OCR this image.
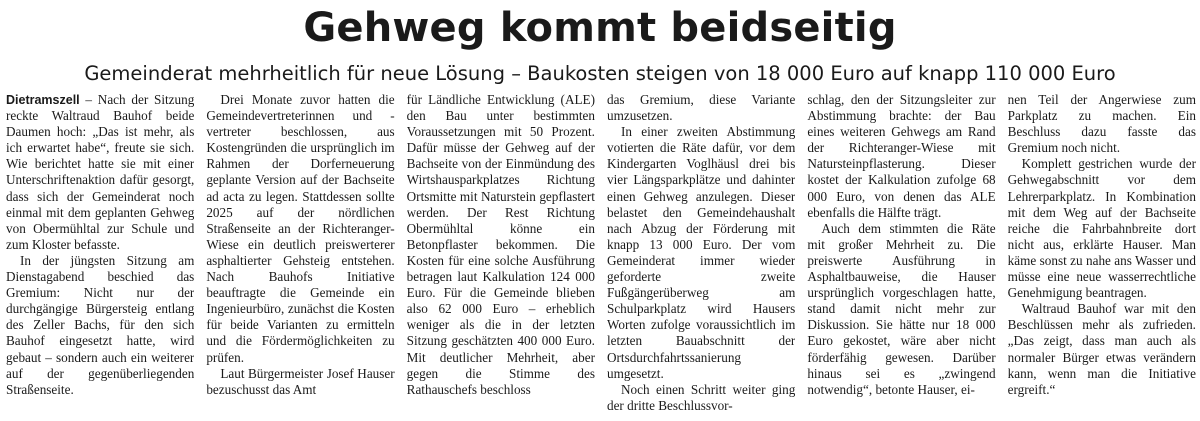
Gehweg kommt beidseitig
Gemeinderat mehrheitlich für neue Lösung – Baukosten steigen von 18 000 Euro auf knapp 110 000 Euro

Dietramszell – Nach der Sitzung reckte Waltraud Bauhof beide Daumen hoch: „Das ist mehr, als ich erwartet habe“, freute sie sich. Wie berichtet hatte sie mit einer Unterschriftenaktion dafür gesorgt, dass sich der Gemeinderat noch einmal mit dem geplanten Gehweg von Obermühltal zur Schule und zum Kloster befasste.

In der jüngsten Sitzung am Dienstagabend beschied das Gremium: Nicht nur der durchgängige Bürgersteig entlang des Zeller Bachs, für den sich Bauhof eingesetzt hatte, wird gebaut – sondern auch ein weiterer auf der gegenüberliegenden Straßenseite.

Drei Monate zuvor hatten die Gemeindevertreterinnen und -vertreter beschlossen, aus Kostengründen die ursprünglich im Rahmen der Dorferneuerung geplante Version auf der Bachseite ad acta zu legen. Stattdessen sollte 2025 auf der nördlichen Straßenseite an der Richteranger-Wiese ein deutlich preiswerterer asphaltierter Gehsteig entstehen. Nach Bauhofs Initiative beauftragte die Gemeinde ein Ingenieurbüro, zunächst die Kosten für beide Varianten zu ermitteln und die Fördermöglichkeiten zu prüfen.

Laut Bürgermeister Josef Hauser bezuschusst das Amt

für Ländliche Entwicklung (ALE) den Bau unter bestimmten Voraussetzungen mit 50 Prozent. Dafür müsse der Gehweg auf der Bachseite von der Einmündung des Wirtshausparkplatzes Richtung Ortsmitte mit Naturstein gepflastert werden. Der Rest Richtung Obermühltal könne ein Betonpflaster bekommen. Die Kosten für eine solche Ausführung betragen laut Kalkulation 124 000 Euro. Für die Gemeinde blieben also 62 000 Euro – erheblich weniger als die in der letzten Sitzung geschätzten 400 000 Euro. Mit deutlicher Mehrheit, aber gegen die Stimme des Rathauschefs beschloss

das Gremium, diese Variante umzusetzen.

In einer zweiten Abstimmung votierten die Räte dafür, vor dem Kindergarten Voglhäusl drei bis vier Längsparkplätze und dahinter einen Gehweg anzulegen. Dieser belastet den Gemeindehaushalt nach Abzug der Förderung mit knapp 13 000 Euro. Der vom Gemeinderat immer wieder geforderte zweite Fußgängerüberweg am Schulparkplatz wird Hausers Worten zufolge voraussichtlich im letzten Bauabschnitt der Ortsdurchfahrtssanierung umgesetzt.

Noch einen Schritt weiter ging der dritte Beschlussvor-

schlag, den der Sitzungsleiter zur Abstimmung brachte: der Bau eines weiteren Gehwegs am Rand der Richteranger-Wiese mit Natursteinpflasterung. Dieser kostet der Kalkulation zufolge 68 000 Euro, von denen das ALE ebenfalls die Hälfte trägt.

Auch dem stimmten die Räte mit großer Mehrheit zu. Die preiswerte Ausführung in Asphaltbauweise, die Hauser ursprünglich vorgeschlagen hatte, stand damit nicht mehr zur Diskussion. Sie hätte nur 18 000 Euro gekostet, wäre aber nicht förderfähig gewesen. Darüber hinaus sei es „zwingend notwendig“, betonte Hauser, ei-

nen Teil der Angerwiese zum Parkplatz zu machen. Ein Beschluss dazu fasste das Gremium noch nicht.

Komplett gestrichen wurde der Gehwegabschnitt vor dem Lehrerparkplatz. In Kombination mit dem Weg auf der Bachseite reiche die Fahrbahnbreite dort nicht aus, erklärte Hauser. Man käme sonst zu nahe ans Wasser und müsse eine neue wasserrechtliche Genehmigung beantragen.

Waltraud Bauhof war mit den Beschlüssen mehr als zufrieden. „Das zeigt, dass man auch als normaler Bürger etwas verändern kann, wenn man die Initiative ergreift.“
